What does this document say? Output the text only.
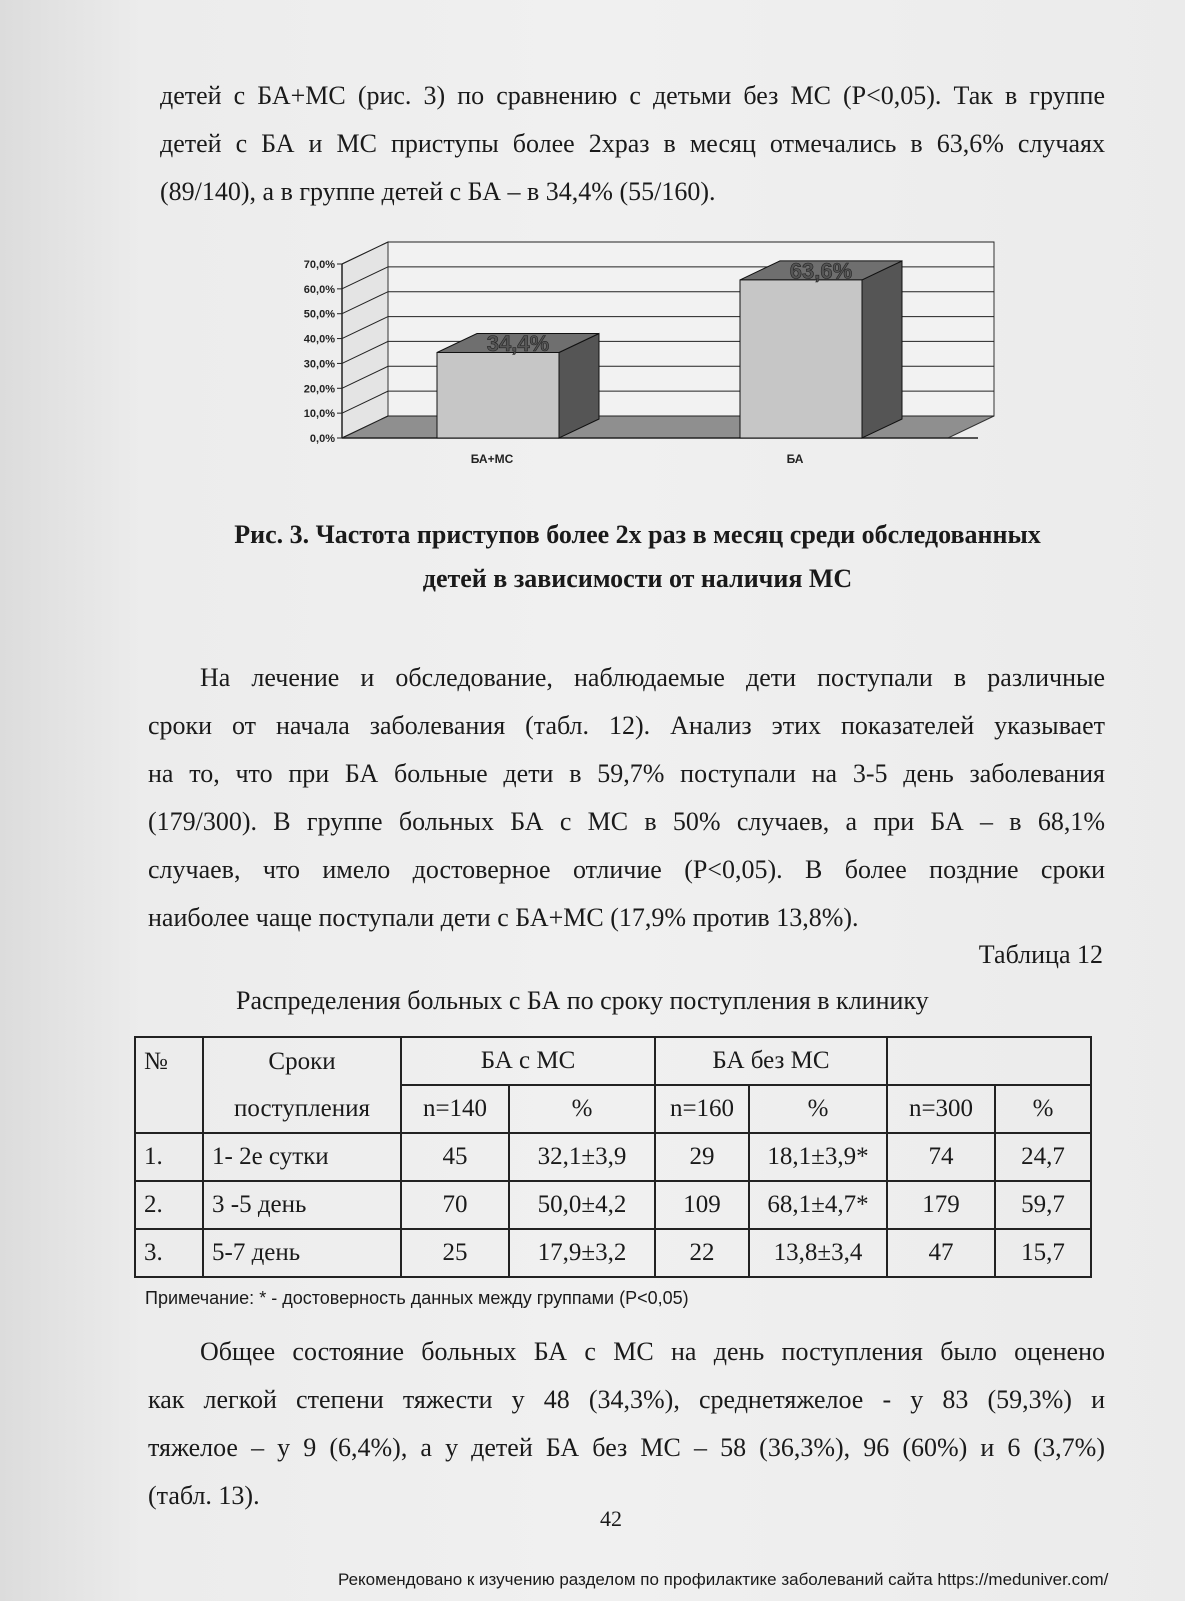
детей с БА+МС (рис. 3) по сравнению с детьми без МС (Р<0,05). Так в группе
детей с БА и МС приступы более 2храз в месяц отмечались в 63,6% случаях
(89/140), а в группе детей с БА – в 34,4% (55/160).
0,0%
10,0%
20,0%
30,0%
40,0%
50,0%
60,0%
70,0%
34,4%
БА+МС
63,6%
БА
Рис. 3. Частота приступов более 2х раз в месяц среди обследованных
детей в зависимости от наличия МС
На лечение и обследование, наблюдаемые дети поступали в различные
сроки от начала заболевания (табл. 12). Анализ этих показателей указывает
на то, что при БА больные дети в 59,7% поступали на 3-5 день заболевания
(179/300). В группе больных БА с МС в 50% случаев, а при БА – в 68,1%
случаев, что имело достоверное отличие (Р<0,05). В более поздние сроки
наиболее чаще поступали дети с БА+МС (17,9% против 13,8%).
Таблица 12
Распределения больных с БА по сроку поступления в клинику
№	Сроки	БА с МС		БА без МС			
	поступления	n=140	%	n=160	%	n=300	%
1.	1- 2е сутки	45	32,1±3,9	29	18,1±3,9*	74	24,7
2.	3 -5 день	70	50,0±4,2	109	68,1±4,7*	179	59,7
3.	5-7 день	25	17,9±3,2	22	13,8±3,4	47	15,7
Примечание: * - достоверность данных между группами (Р<0,05)
Общее состояние больных БА с МС на день поступления было оценено
как легкой степени тяжести у 48 (34,3%), среднетяжелое - у 83 (59,3%) и
тяжелое – у 9 (6,4%), а у детей БА без МС – 58 (36,3%), 96 (60%) и 6 (3,7%)
(табл. 13).
42
Рекомендовано к изучению разделом по профилактике заболеваний сайта https://meduniver.com/
